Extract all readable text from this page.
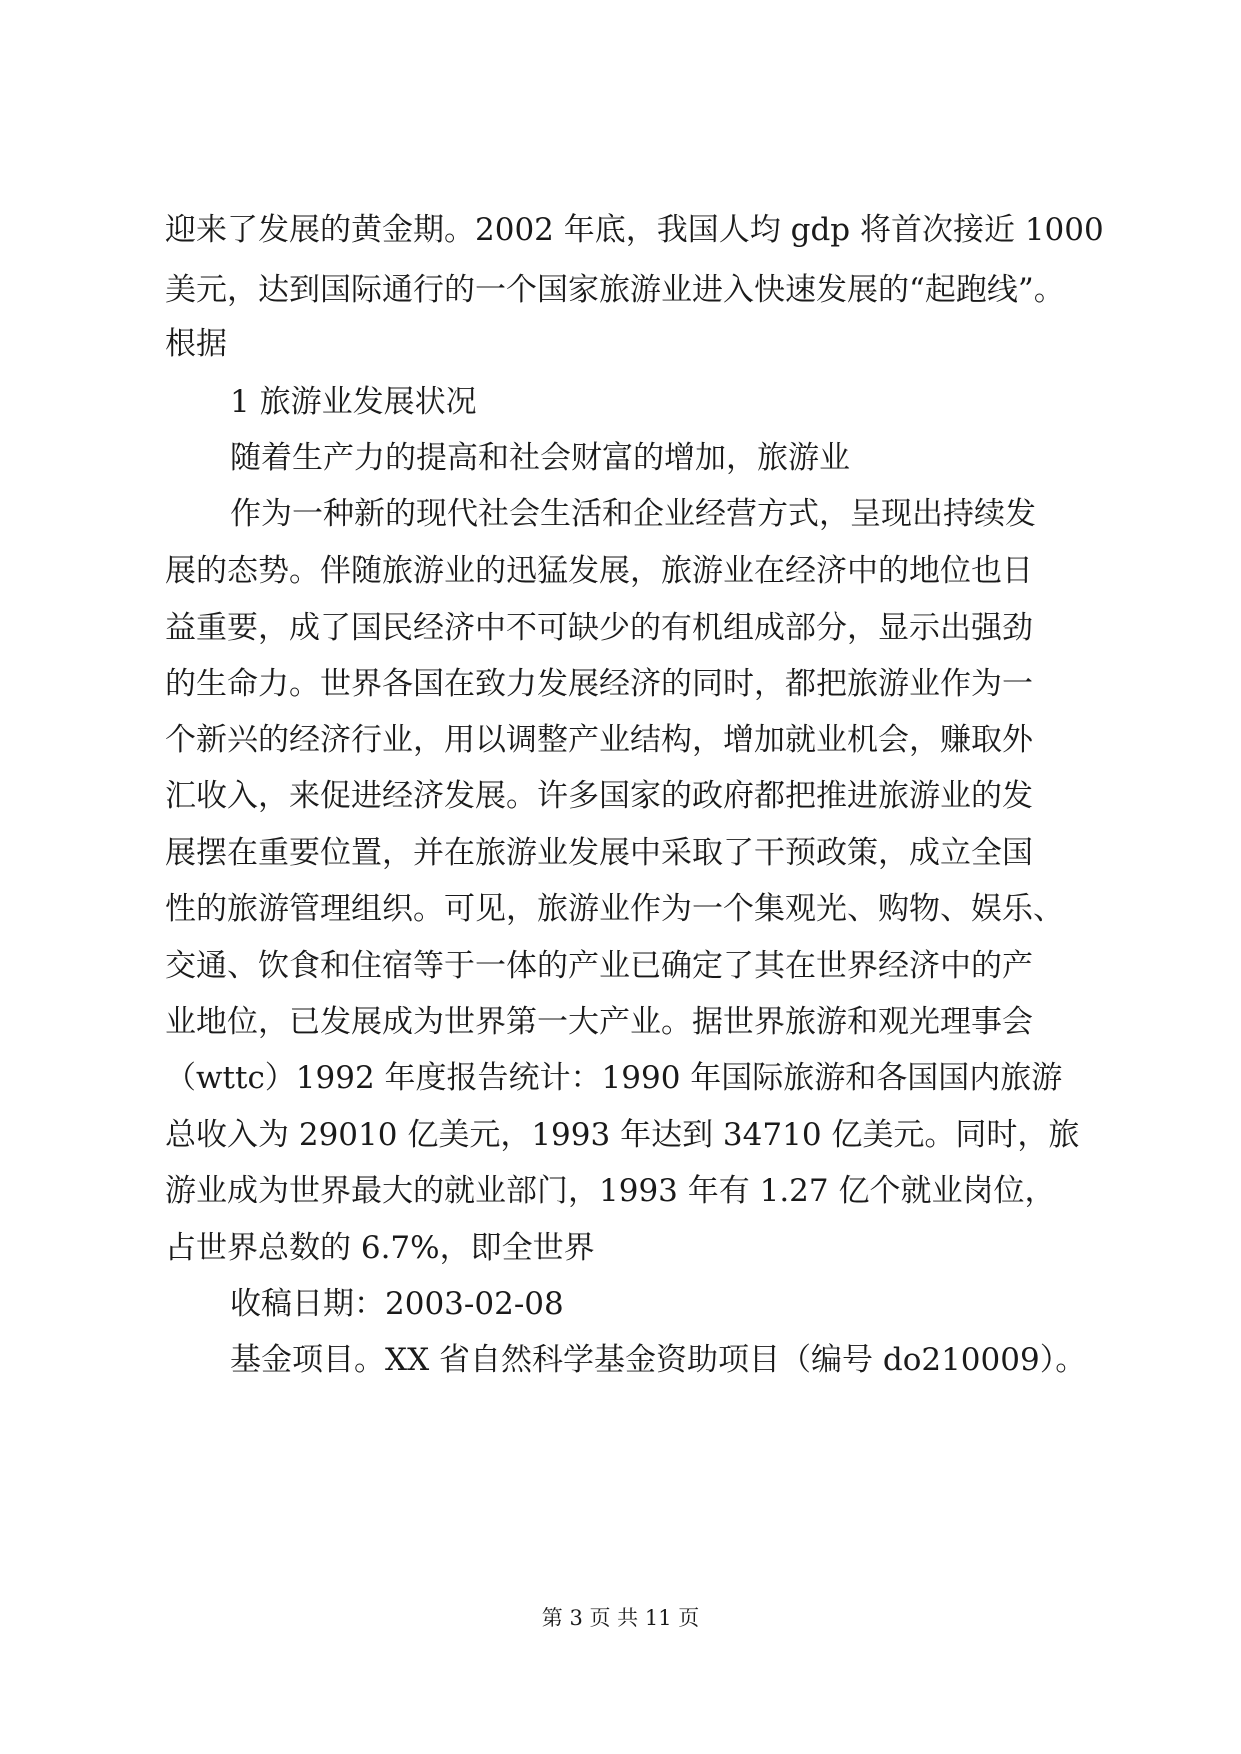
迎来了发展的黄金期。2002 年底，我国人均 gdp 将首次接近 1000
美元，达到国际通行的一个国家旅游业进入快速发展的“起跑线”。
根据
1 旅游业发展状况
随着生产力的提高和社会财富的增加，旅游业
作为一种新的现代社会生活和企业经营方式，呈现出持续发
展的态势。伴随旅游业的迅猛发展，旅游业在经济中的地位也日
益重要，成了国民经济中不可缺少的有机组成部分，显示出强劲
的生命力。世界各国在致力发展经济的同时，都把旅游业作为一
个新兴的经济行业，用以调整产业结构，增加就业机会，赚取外
汇收入，来促进经济发展。许多国家的政府都把推进旅游业的发
展摆在重要位置，并在旅游业发展中采取了干预政策，成立全国
性的旅游管理组织。可见，旅游业作为一个集观光、购物、娱乐、
交通、饮食和住宿等于一体的产业已确定了其在世界经济中的产
业地位，已发展成为世界第一大产业。据世界旅游和观光理事会
（wttc）1992 年度报告统计：1990 年国际旅游和各国国内旅游
总收入为 29010 亿美元，1993 年达到 34710 亿美元。同时，旅
游业成为世界最大的就业部门，1993 年有 1.27 亿个就业岗位，
占世界总数的 6.7%，即全世界
收稿日期：2003-02-08
基金项目。XX 省自然科学基金资助项目（编号 do210009）。
第 3 页 共 11 页
